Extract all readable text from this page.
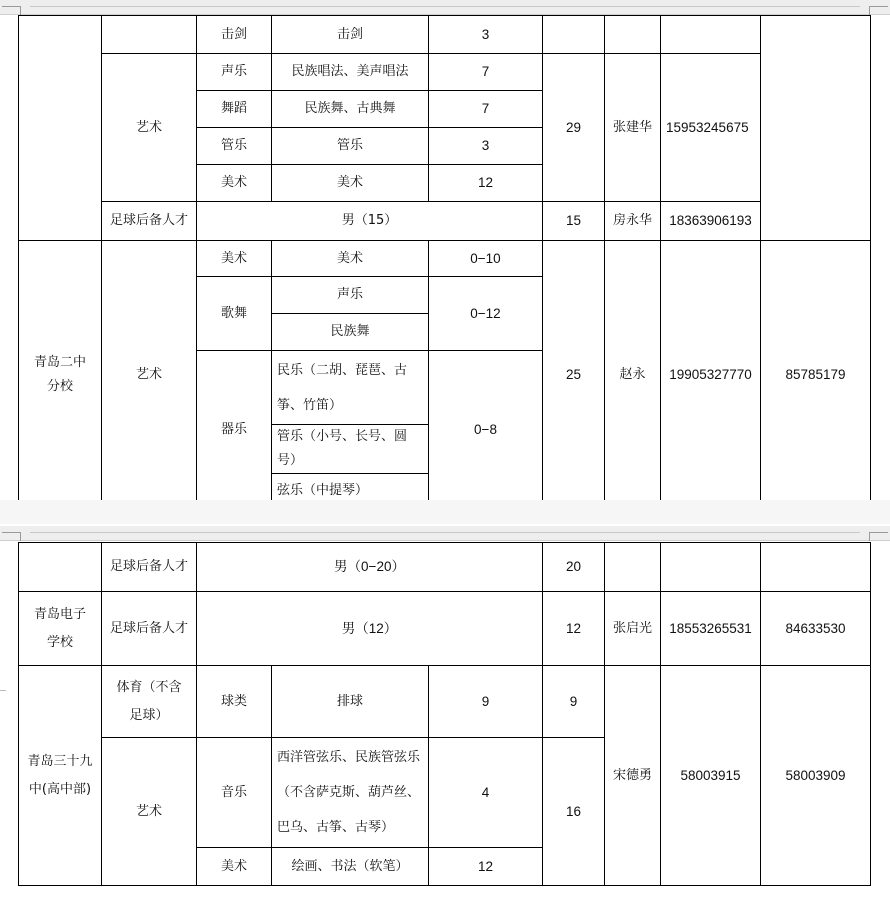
		击剑	击剑	3				
	艺术	声乐	民族唱法、美声唱法	7	29	张建华	15953245675	
		舞蹈	民族舞、古典舞	7				
		管乐	管乐	3				
		美术	美术	12				
	足球后备人才	男（15）			15	房永华	18363906193	

青岛二中分校	艺术	美术	美术	0−10	25	赵永	19905327770	85785179
		歌舞	声乐	0−12				
			民族舞					
		器乐	民乐（二胡、琵琶、古筝、竹笛）	0−8				
			管乐（小号、长号、圆号）					
			弦乐（中提琴）					
	足球后备人才	男（0−20）			20			
青岛电子学校	足球后备人才	男（12）			12	张启光	18553265531	84633530
青岛三十九中(高中部)	体育（不含足球）	球类	排球	9	9	宋德勇	58003915	58003909
	艺术	音乐	西洋管弦乐、民族管弦乐（不含萨克斯、葫芦丝、巴乌、古筝、古琴）	4	16			
		美术	绘画、书法（软笔）	12				
